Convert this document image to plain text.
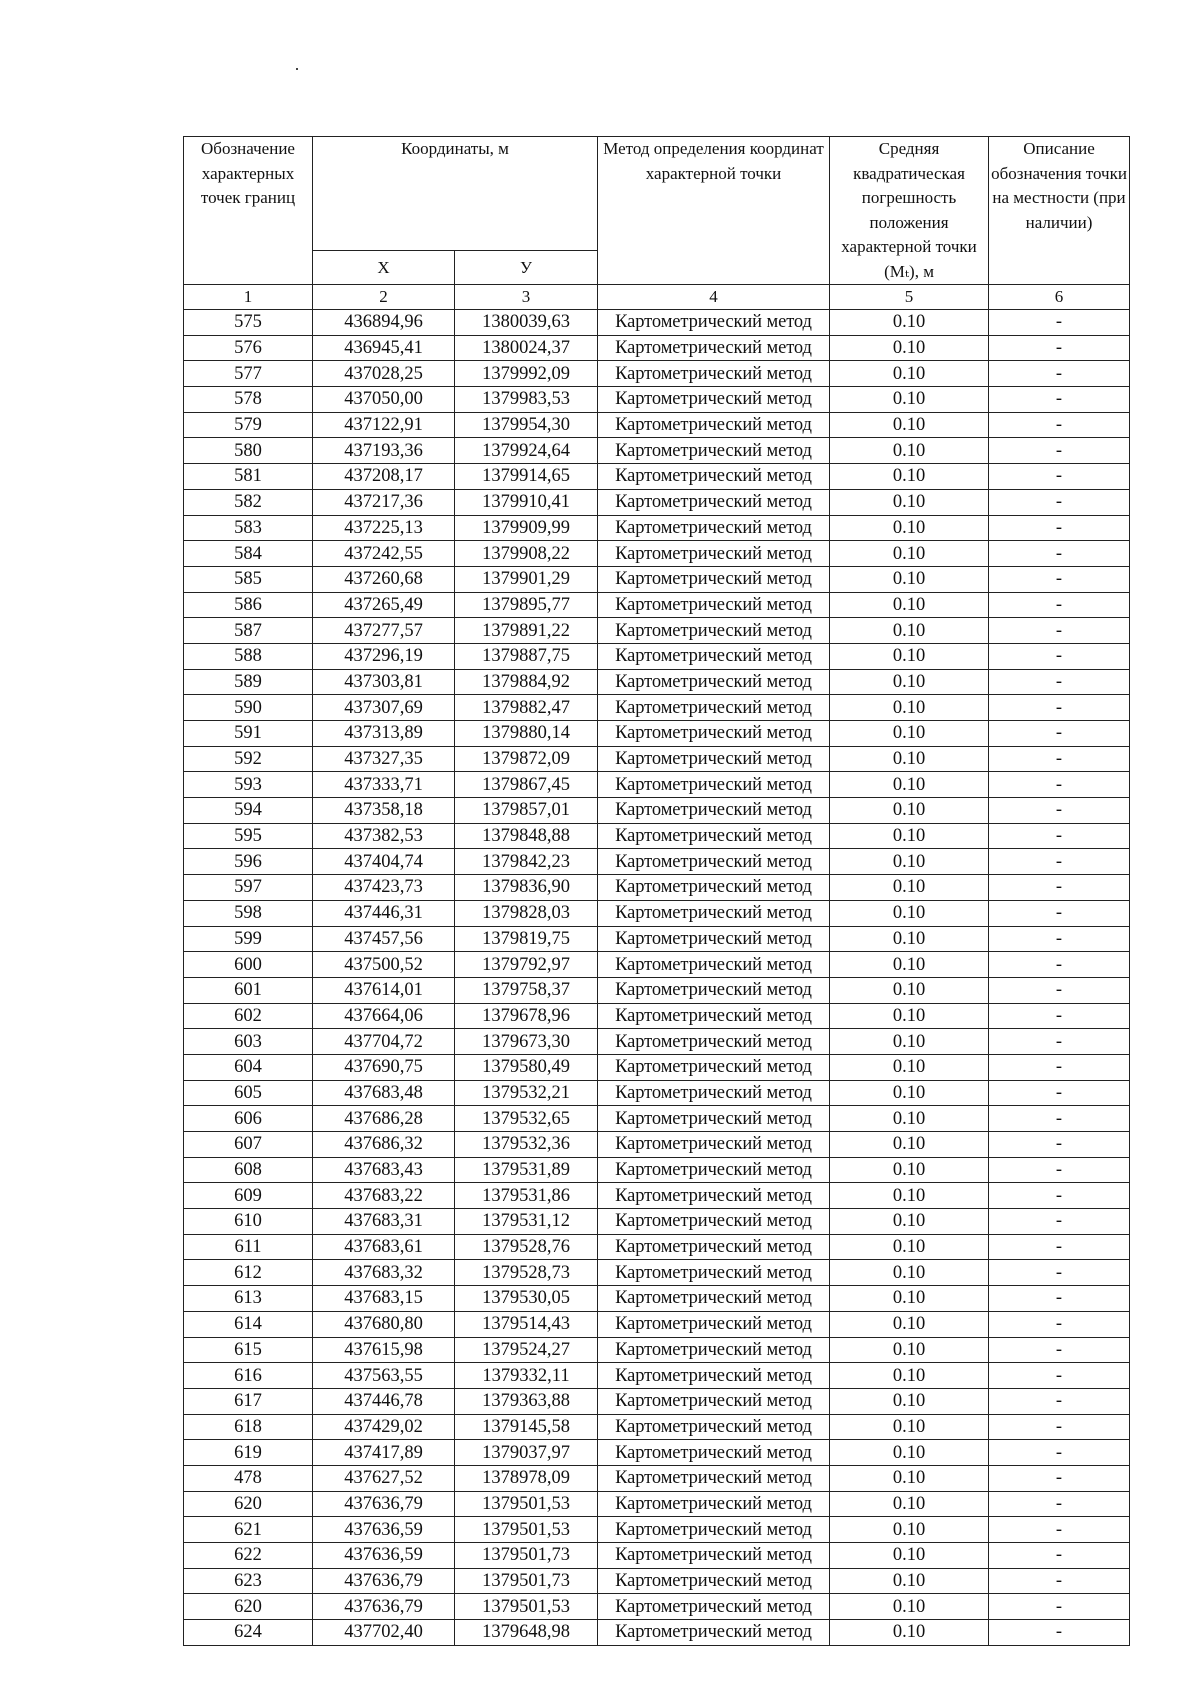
Обозначение характерных точек границ	Координаты, м		Метод определения координат характерной точки	Средняя квадратическая погрешность положения характерной точки (Mₜ), м	Описание обозначения точки на местности (при наличии)
	X	У			
1	2	3	4	5	6
575	436894,96	1380039,63	Картометрический метод	0.10	-
576	436945,41	1380024,37	Картометрический метод	0.10	-
577	437028,25	1379992,09	Картометрический метод	0.10	-
578	437050,00	1379983,53	Картометрический метод	0.10	-
579	437122,91	1379954,30	Картометрический метод	0.10	-
580	437193,36	1379924,64	Картометрический метод	0.10	-
581	437208,17	1379914,65	Картометрический метод	0.10	-
582	437217,36	1379910,41	Картометрический метод	0.10	-
583	437225,13	1379909,99	Картометрический метод	0.10	-
584	437242,55	1379908,22	Картометрический метод	0.10	-
585	437260,68	1379901,29	Картометрический метод	0.10	-
586	437265,49	1379895,77	Картометрический метод	0.10	-
587	437277,57	1379891,22	Картометрический метод	0.10	-
588	437296,19	1379887,75	Картометрический метод	0.10	-
589	437303,81	1379884,92	Картометрический метод	0.10	-
590	437307,69	1379882,47	Картометрический метод	0.10	-
591	437313,89	1379880,14	Картометрический метод	0.10	-
592	437327,35	1379872,09	Картометрический метод	0.10	-
593	437333,71	1379867,45	Картометрический метод	0.10	-
594	437358,18	1379857,01	Картометрический метод	0.10	-
595	437382,53	1379848,88	Картометрический метод	0.10	-
596	437404,74	1379842,23	Картометрический метод	0.10	-
597	437423,73	1379836,90	Картометрический метод	0.10	-
598	437446,31	1379828,03	Картометрический метод	0.10	-
599	437457,56	1379819,75	Картометрический метод	0.10	-
600	437500,52	1379792,97	Картометрический метод	0.10	-
601	437614,01	1379758,37	Картометрический метод	0.10	-
602	437664,06	1379678,96	Картометрический метод	0.10	-
603	437704,72	1379673,30	Картометрический метод	0.10	-
604	437690,75	1379580,49	Картометрический метод	0.10	-
605	437683,48	1379532,21	Картометрический метод	0.10	-
606	437686,28	1379532,65	Картометрический метод	0.10	-
607	437686,32	1379532,36	Картометрический метод	0.10	-
608	437683,43	1379531,89	Картометрический метод	0.10	-
609	437683,22	1379531,86	Картометрический метод	0.10	-
610	437683,31	1379531,12	Картометрический метод	0.10	-
611	437683,61	1379528,76	Картометрический метод	0.10	-
612	437683,32	1379528,73	Картометрический метод	0.10	-
613	437683,15	1379530,05	Картометрический метод	0.10	-
614	437680,80	1379514,43	Картометрический метод	0.10	-
615	437615,98	1379524,27	Картометрический метод	0.10	-
616	437563,55	1379332,11	Картометрический метод	0.10	-
617	437446,78	1379363,88	Картометрический метод	0.10	-
618	437429,02	1379145,58	Картометрический метод	0.10	-
619	437417,89	1379037,97	Картометрический метод	0.10	-
478	437627,52	1378978,09	Картометрический метод	0.10	-
620	437636,79	1379501,53	Картометрический метод	0.10	-
621	437636,59	1379501,53	Картометрический метод	0.10	-
622	437636,59	1379501,73	Картометрический метод	0.10	-
623	437636,79	1379501,73	Картометрический метод	0.10	-
620	437636,79	1379501,53	Картометрический метод	0.10	-
624	437702,40	1379648,98	Картометрический метод	0.10	-
